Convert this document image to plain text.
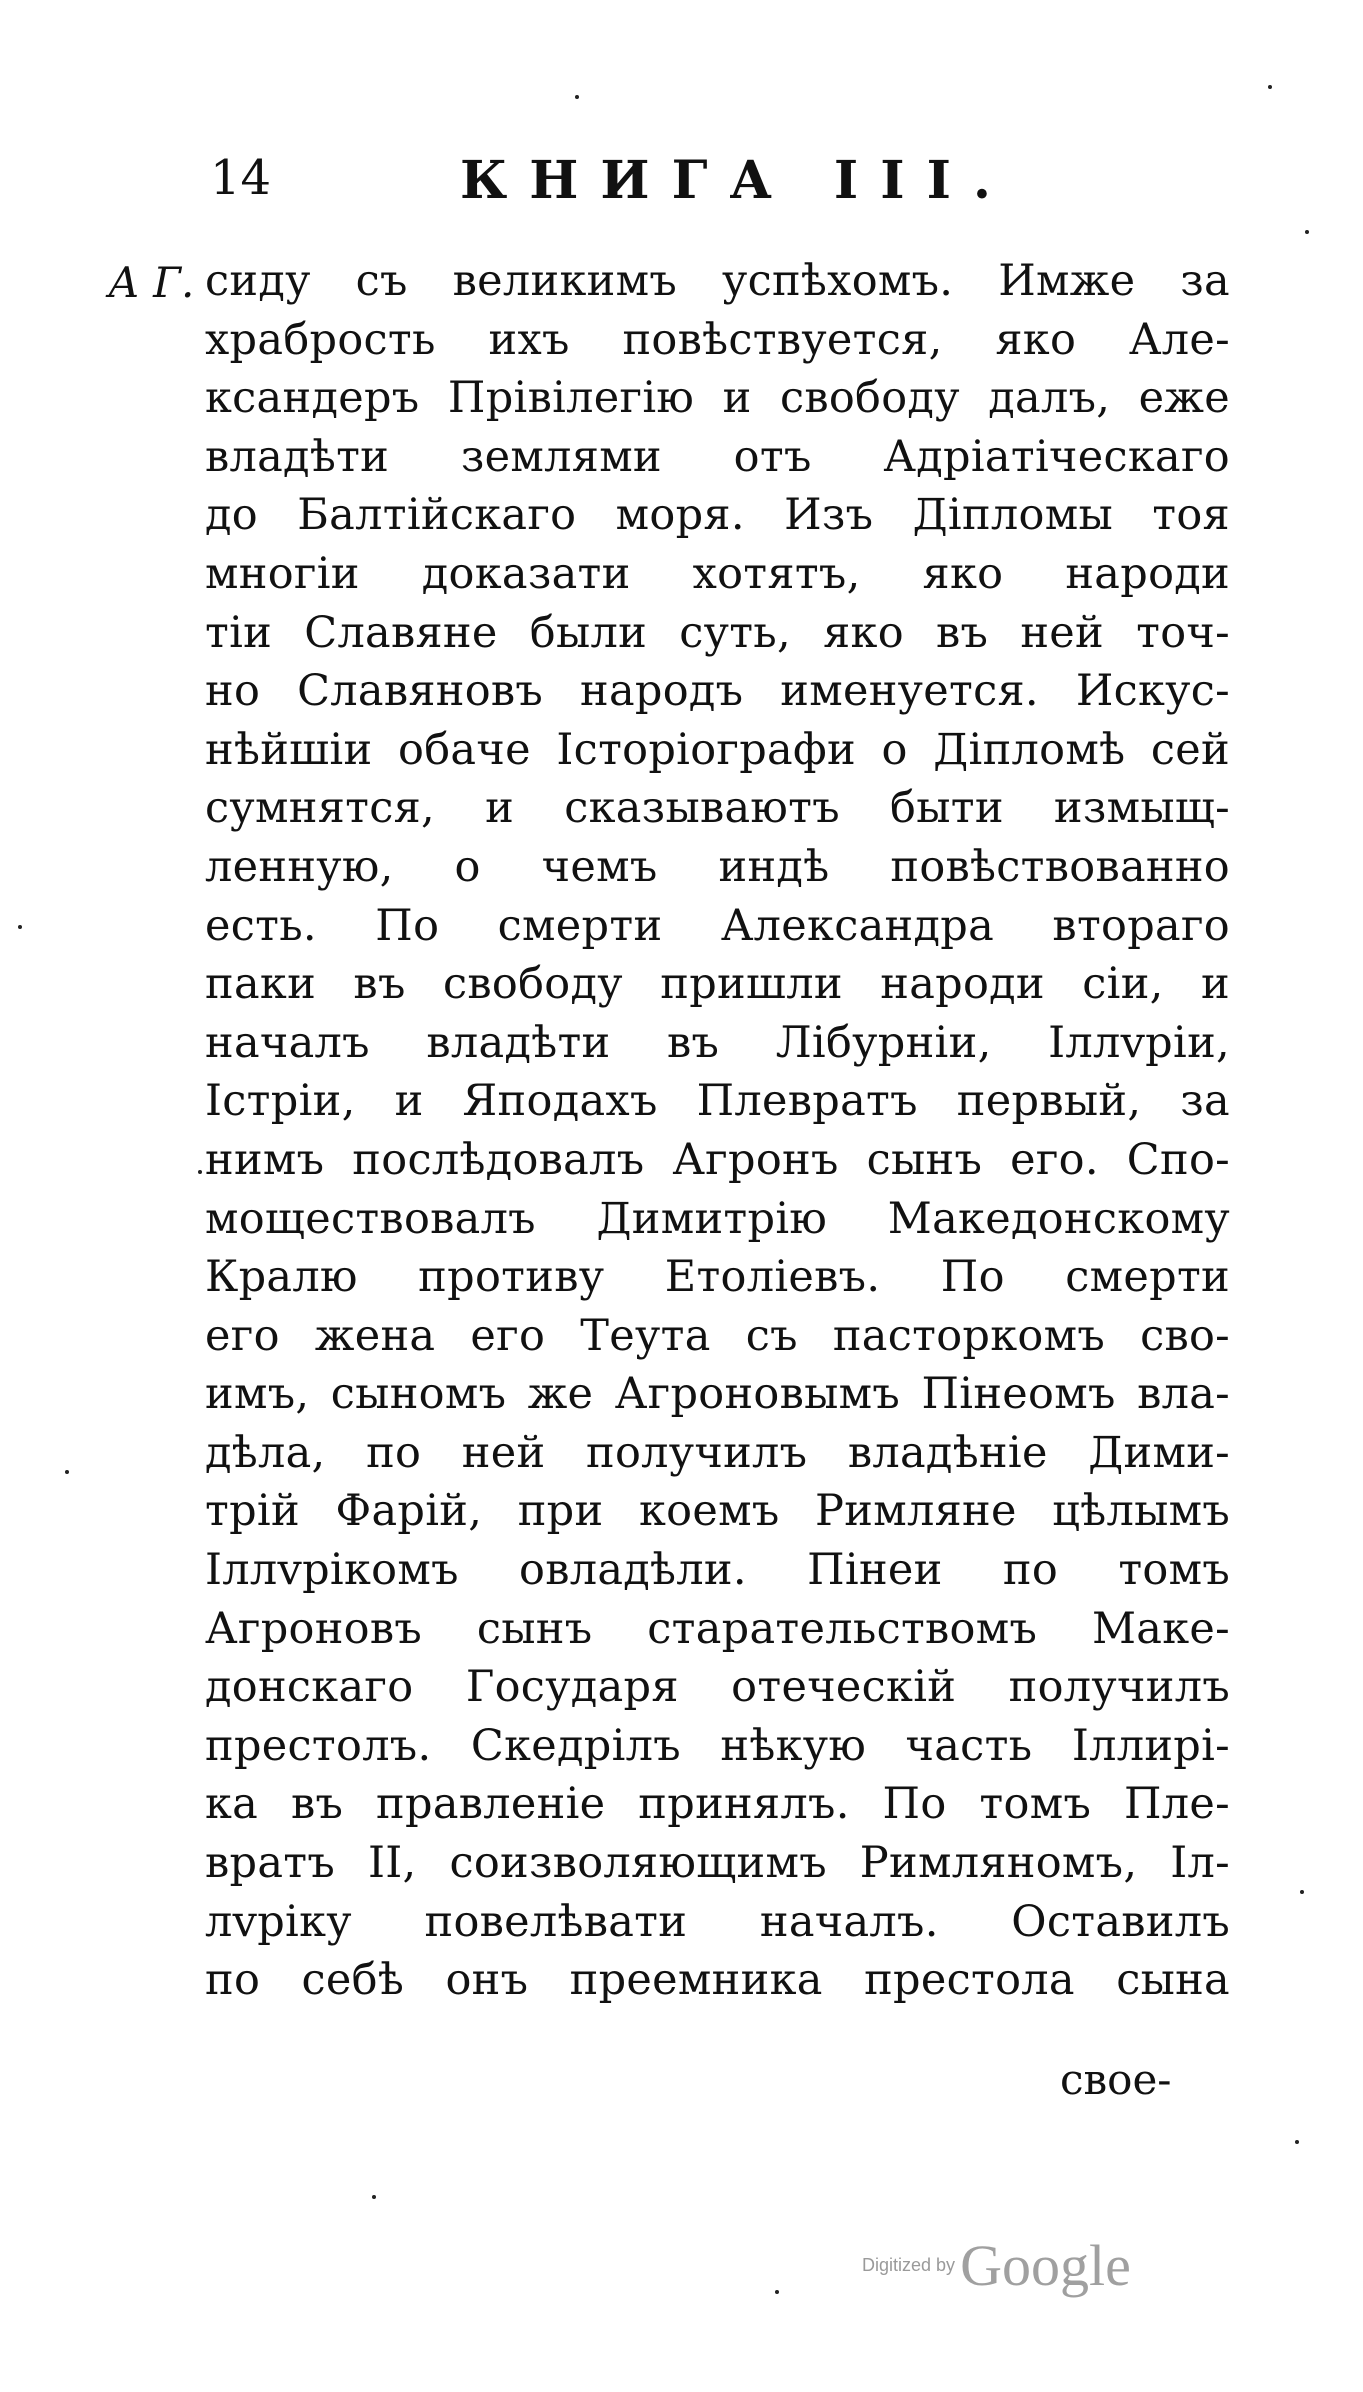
14	КНИГА III.
А Г. сиду съ великимъ успѣхомъ. Имже за
храбрость ихъ повѣствуется, яко Але-
ксандеръ Прівілегію и свободу далъ, еже
владѣти землями отъ Адріатіческаго
до Балтійскаго моря. Изъ Діпломы тоя
многіи доказати хотятъ, яко народи
тіи Славяне были суть, яко въ ней точ-
но Славяновъ народъ именуется. Искус-
нѣйшіи обаче Історіографи о Діпломѣ сей
сумнятся, и сказываютъ быти измыщ-
ленную, о чемъ индѣ повѣствованно
есть. По смерти Александра втораго
паки въ свободу пришли народи сіи, и
началъ владѣти въ Лібурніи, Іллvріи,
Істріи, и Яподахъ Плевратъ первый, за
нимъ послѣдовалъ Агронъ сынъ его. Спо-
мoществовалъ Димитрію Македонскому
Кралю противу Етоліевъ. По смерти
его жена его Теута съ пасторкомъ сво-
имъ, сыномъ же Агроновымъ Пінеомъ вла-
дѣла, по ней получилъ владѣніе Дими-
трій Фарій, при коемъ Римляне цѣлымъ
Іллvрікомъ овладѣли. Пінеи по томъ
Агроновъ сынъ старательствомъ Маке-
донскаго Государя отеческій получилъ
престолъ. Скедрілъ нѣкую часть Іллирі-
ка въ правленіе принялъ. По томъ Пле-
вратъ II, соизволяющимъ Римляномъ, Іл-
лvріку повелѣвати началъ. Оставилъ
по себѣ онъ преемника престола сына
свое-
Digitized by Google
